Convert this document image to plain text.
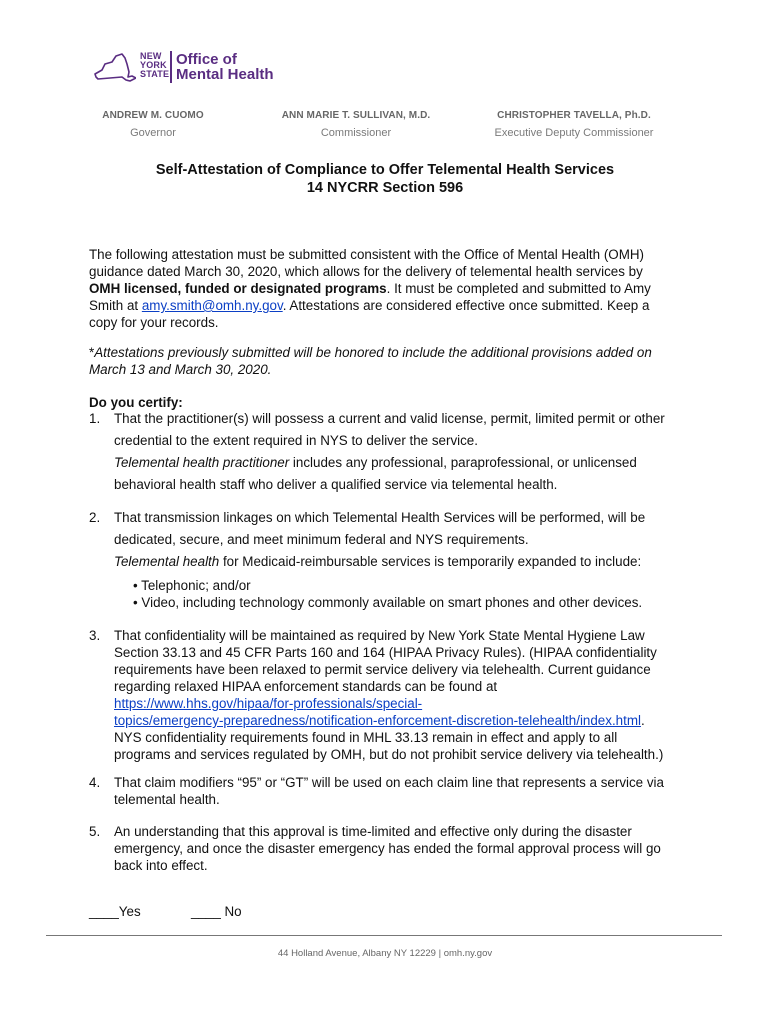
NEW
YORK
STATE
Office of
Mental Health
ANDREW M. CUOMO
Governor
ANN MARIE T. SULLIVAN, M.D.
Commissioner
CHRISTOPHER TAVELLA, Ph.D.
Executive Deputy Commissioner
Self-Attestation of Compliance to Offer Telemental Health Services
14 NYCRR Section 596
The following attestation must be submitted consistent with the Office of Mental Health (OMH)
guidance dated March 30, 2020, which allows for the delivery of telemental health services by
OMH licensed, funded or designated programs. It must be completed and submitted to Amy
Smith at amy.smith@omh.ny.gov. Attestations are considered effective once submitted. Keep a
copy for your records.
*Attestations previously submitted will be honored to include the additional provisions added on
March 13 and March 30, 2020.
Do you certify:
1. That the practitioner(s) will possess a current and valid license, permit, limited permit or other
credential to the extent required in NYS to deliver the service.
Telemental health practitioner includes any professional, paraprofessional, or unlicensed
behavioral health staff who deliver a qualified service via telemental health.
2. That transmission linkages on which Telemental Health Services will be performed, will be
dedicated, secure, and meet minimum federal and NYS requirements.
Telemental health for Medicaid-reimbursable services is temporarily expanded to include:
• Telephonic; and/or
• Video, including technology commonly available on smart phones and other devices.
3. That confidentiality will be maintained as required by New York State Mental Hygiene Law
Section 33.13 and 45 CFR Parts 160 and 164 (HIPAA Privacy Rules). (HIPAA confidentiality
requirements have been relaxed to permit service delivery via telehealth. Current guidance
regarding relaxed HIPAA enforcement standards can be found at
https://www.hhs.gov/hipaa/for-professionals/special-
topics/emergency-preparedness/notification-enforcement-discretion-telehealth/index.html.
NYS confidentiality requirements found in MHL 33.13 remain in effect and apply to all
programs and services regulated by OMH, but do not prohibit service delivery via telehealth.)
4. That claim modifiers “95” or “GT” will be used on each claim line that represents a service via
telemental health.
5. An understanding that this approval is time-limited and effective only during the disaster
emergency, and once the disaster emergency has ended the formal approval process will go
back into effect.
____Yes	____ No
44 Holland Avenue, Albany NY 12229 | omh.ny.gov
